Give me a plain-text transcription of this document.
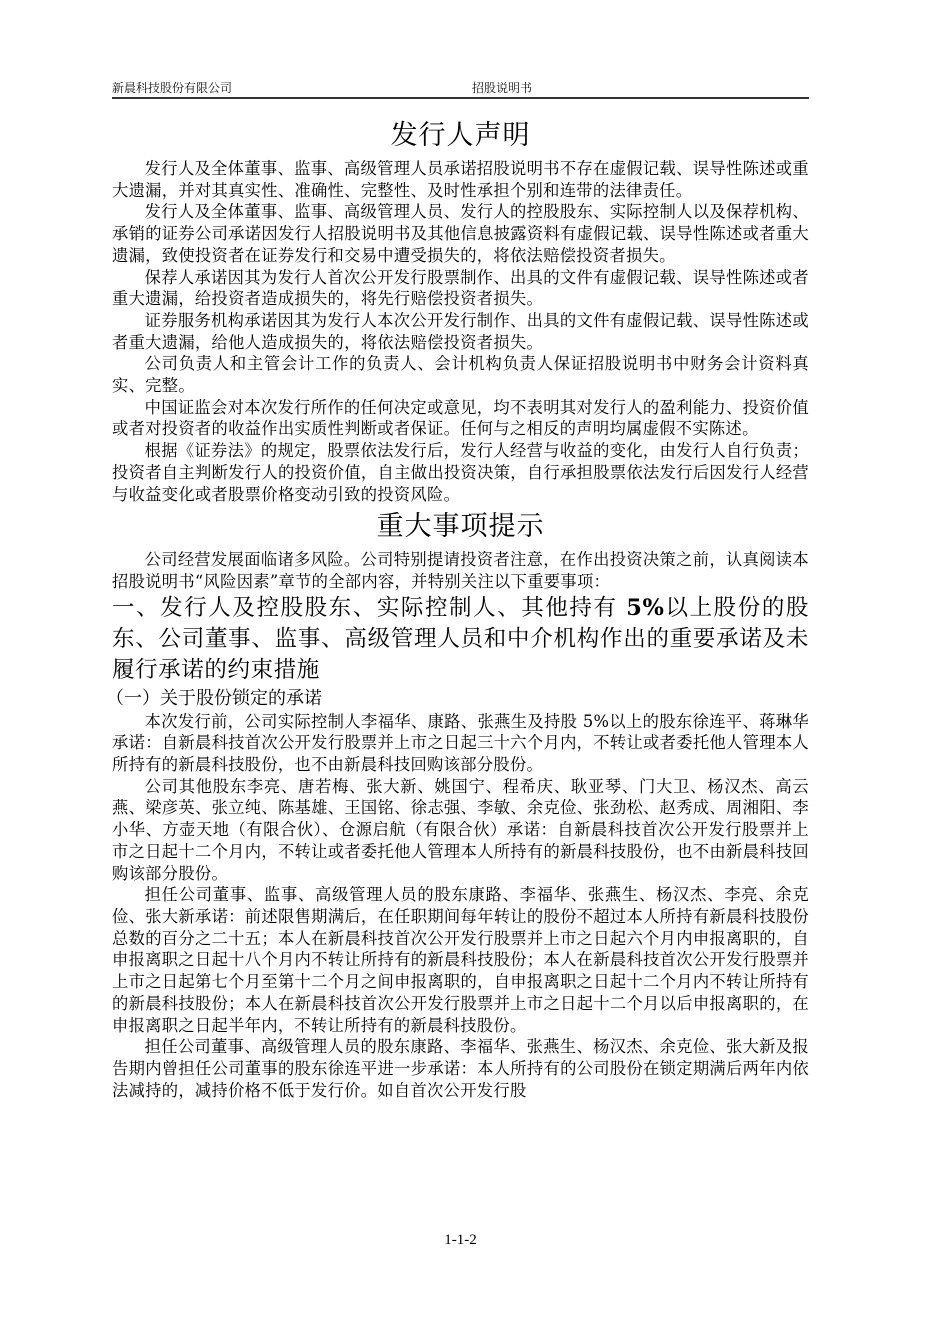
新晨科技股份有限公司	招股说明书
发行人声明

发行人及全体董事、监事、高级管理人员承诺招股说明书不存在虚假记载、误导性陈述或重大遗漏，并对其真实性、准确性、完整性、及时性承担个别和连带的法律责任。

发行人及全体董事、监事、高级管理人员、发行人的控股股东、实际控制人以及保荐机构、承销的证券公司承诺因发行人招股说明书及其他信息披露资料有虚假记载、误导性陈述或者重大遗漏，致使投资者在证券发行和交易中遭受损失的，将依法赔偿投资者损失。

保荐人承诺因其为发行人首次公开发行股票制作、出具的文件有虚假记载、误导性陈述或者重大遗漏，给投资者造成损失的，将先行赔偿投资者损失。

证券服务机构承诺因其为发行人本次公开发行制作、出具的文件有虚假记载、误导性陈述或者重大遗漏，给他人造成损失的，将依法赔偿投资者损失。

公司负责人和主管会计工作的负责人、会计机构负责人保证招股说明书中财务会计资料真实、完整。

中国证监会对本次发行所作的任何决定或意见，均不表明其对发行人的盈利能力、投资价值或者对投资者的收益作出实质性判断或者保证。任何与之相反的声明均属虚假不实陈述。

根据《证券法》的规定，股票依法发行后，发行人经营与收益的变化，由发行人自行负责；投资者自主判断发行人的投资价值，自主做出投资决策，自行承担股票依法发行后因发行人经营与收益变化或者股票价格变动引致的投资风险。

重大事项提示

公司经营发展面临诸多风险。公司特别提请投资者注意，在作出投资决策之前，认真阅读本招股说明书“风险因素”章节的全部内容，并特别关注以下重要事项：

一、发行人及控股股东、实际控制人、其他持有 5%以上股份的股东、公司董事、监事、高级管理人员和中介机构作出的重要承诺及未履行承诺的约束措施
（一）关于股份锁定的承诺

本次发行前，公司实际控制人李福华、康路、张燕生及持股 5%以上的股东徐连平、蒋琳华承诺：自新晨科技首次公开发行股票并上市之日起三十六个月内，不转让或者委托他人管理本人所持有的新晨科技股份，也不由新晨科技回购该部分股份。

公司其他股东李亮、唐若梅、张大新、姚国宁、程希庆、耿亚琴、门大卫、杨汉杰、高云燕、梁彦英、张立纯、陈基雄、王国铭、徐志强、李敏、余克俭、张劲松、赵秀成、周湘阳、李小华、方壶天地（有限合伙）、仓源启航（有限合伙）承诺：自新晨科技首次公开发行股票并上市之日起十二个月内，不转让或者委托他人管理本人所持有的新晨科技股份，也不由新晨科技回购该部分股份。

担任公司董事、监事、高级管理人员的股东康路、李福华、张燕生、杨汉杰、李亮、余克俭、张大新承诺：前述限售期满后，在任职期间每年转让的股份不超过本人所持有新晨科技股份总数的百分之二十五；本人在新晨科技首次公开发行股票并上市之日起六个月内申报离职的，自申报离职之日起十八个月内不转让所持有的新晨科技股份；本人在新晨科技首次公开发行股票并上市之日起第七个月至第十二个月之间申报离职的，自申报离职之日起十二个月内不转让所持有的新晨科技股份；本人在新晨科技首次公开发行股票并上市之日起十二个月以后申报离职的，在申报离职之日起半年内，不转让所持有的新晨科技股份。

担任公司董事、高级管理人员的股东康路、李福华、张燕生、杨汉杰、余克俭、张大新及报告期内曾担任公司董事的股东徐连平进一步承诺：本人所持有的公司股份在锁定期满后两年内依法减持的，减持价格不低于发行价。如自首次公开发行股

1-1-2
